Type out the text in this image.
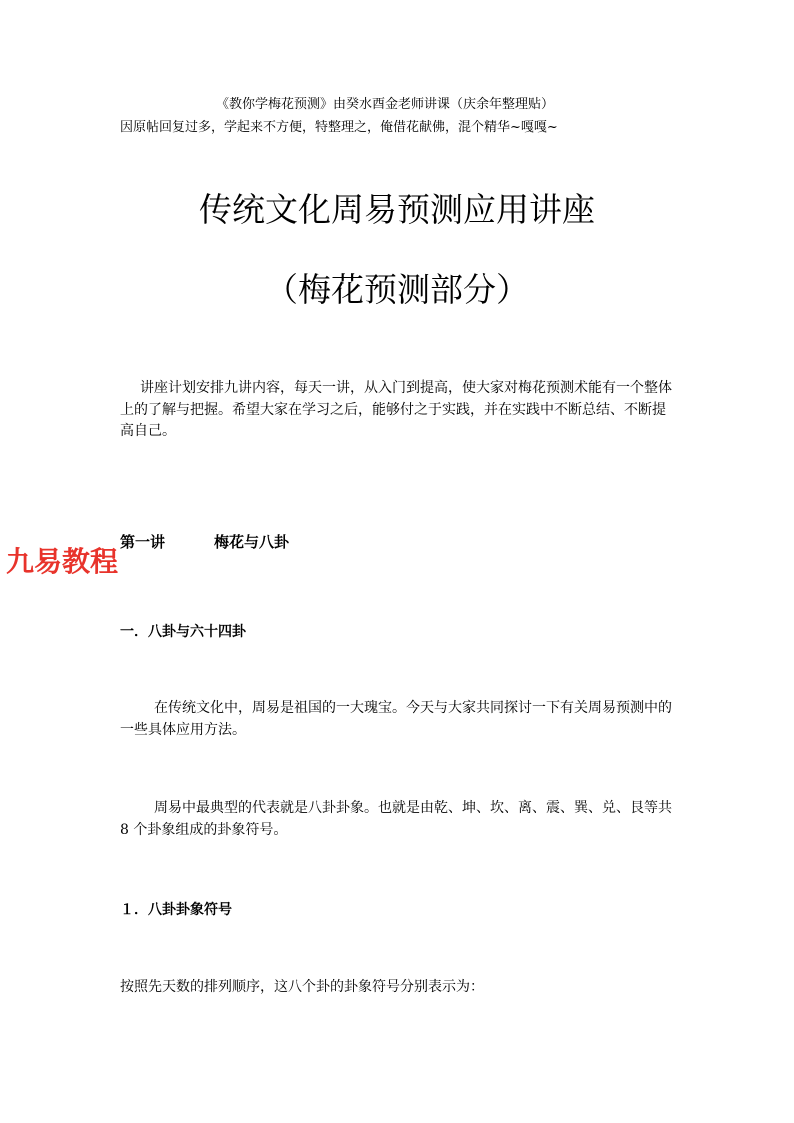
《教你学梅花预测》由癸水酉金老师讲课（庆余年整理贴）

因原帖回复过多，学起来不方便，特整理之，俺借花献佛，混个精华~嘎嘎~

传统文化周易预测应用讲座
（梅花预测部分）

讲座计划安排九讲内容，每天一讲，从入门到提高，使大家对梅花预测术能有一个整体上的了解与把握。希望大家在学习之后，能够付之于实践，并在实践中不断总结、不断提高自己。

第一讲	梅花与八卦
九易教程
一．八卦与六十四卦

在传统文化中，周易是祖国的一大瑰宝。今天与大家共同探讨一下有关周易预测中的一些具体应用方法。

周易中最典型的代表就是八卦卦象。也就是由乾、坤、坎、离、震、巽、兑、艮等共 8 个卦象组成的卦象符号。

１．八卦卦象符号

按照先天数的排列顺序，这八个卦的卦象符号分别表示为：
